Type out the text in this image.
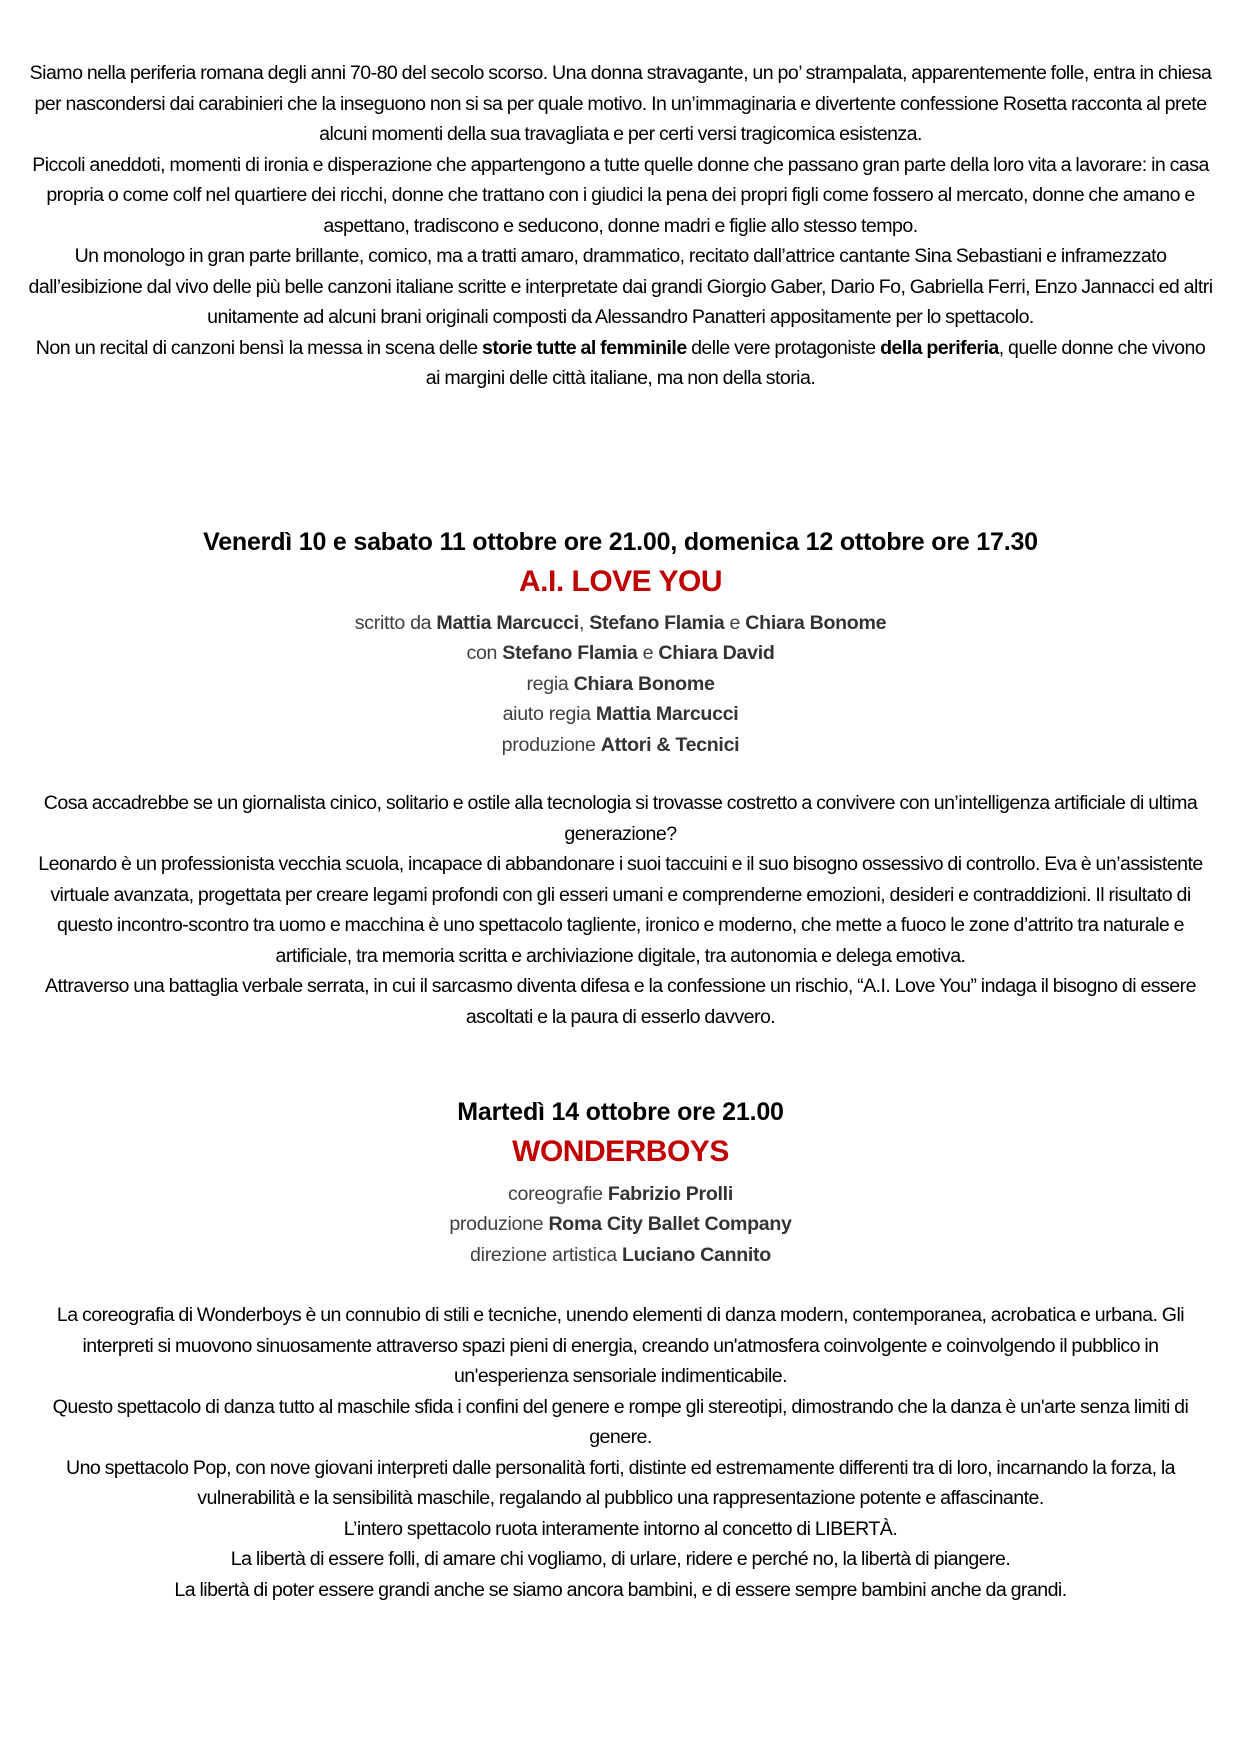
Siamo nella periferia romana degli anni 70-80 del secolo scorso. Una donna stravagante, un po’ strampalata, apparentemente folle, entra in chiesa per nascondersi dai carabinieri che la inseguono non si sa per quale motivo. In un’immaginaria e divertente confessione Rosetta racconta al prete alcuni momenti della sua travagliata e per certi versi tragicomica esistenza.

Piccoli aneddoti, momenti di ironia e disperazione che appartengono a tutte quelle donne che passano gran parte della loro vita a lavorare: in casa propria o come colf nel quartiere dei ricchi, donne che trattano con i giudici la pena dei propri figli come fossero al mercato, donne che amano e aspettano, tradiscono e seducono, donne madri e figlie allo stesso tempo.

Un monologo in gran parte brillante, comico, ma a tratti amaro, drammatico, recitato dall’attrice cantante Sina Sebastiani e inframezzato dall’esibizione dal vivo delle più belle canzoni italiane scritte e interpretate dai grandi Giorgio Gaber, Dario Fo, Gabriella Ferri, Enzo Jannacci ed altri unitamente ad alcuni brani originali composti da Alessandro Panatteri appositamente per lo spettacolo.

Non un recital di canzoni bensì la messa in scena delle storie tutte al femminile delle vere protagoniste della periferia, quelle donne che vivono ai margini delle città italiane, ma non della storia.

Venerdì 10 e sabato 11 ottobre ore 21.00, domenica 12 ottobre ore 17.30
A.I. LOVE YOU
scritto da Mattia Marcucci, Stefano Flamia e Chiara Bonome
con Stefano Flamia e Chiara David
regia Chiara Bonome
aiuto regia Mattia Marcucci
produzione Attori & Tecnici

Cosa accadrebbe se un giornalista cinico, solitario e ostile alla tecnologia si trovasse costretto a convivere con un’intelligenza artificiale di ultima generazione?

Leonardo è un professionista vecchia scuola, incapace di abbandonare i suoi taccuini e il suo bisogno ossessivo di controllo. Eva è un’assistente virtuale avanzata, progettata per creare legami profondi con gli esseri umani e comprenderne emozioni, desideri e contraddizioni. Il risultato di questo incontro-scontro tra uomo e macchina è uno spettacolo tagliente, ironico e moderno, che mette a fuoco le zone d’attrito tra naturale e artificiale, tra memoria scritta e archiviazione digitale, tra autonomia e delega emotiva.

Attraverso una battaglia verbale serrata, in cui il sarcasmo diventa difesa e la confessione un rischio, “A.I. Love You” indaga il bisogno di essere ascoltati e la paura di esserlo davvero.

Martedì 14 ottobre ore 21.00
WONDERBOYS
coreografie Fabrizio Prolli
produzione Roma City Ballet Company
direzione artistica Luciano Cannito

La coreografia di Wonderboys è un connubio di stili e tecniche, unendo elementi di danza modern, contemporanea, acrobatica e urbana. Gli interpreti si muovono sinuosamente attraverso spazi pieni di energia, creando un'atmosfera coinvolgente e coinvolgendo il pubblico in un'esperienza sensoriale indimenticabile.

Questo spettacolo di danza tutto al maschile sfida i confini del genere e rompe gli stereotipi, dimostrando che la danza è un'arte senza limiti di genere.

Uno spettacolo Pop, con nove giovani interpreti dalle personalità forti, distinte ed estremamente differenti tra di loro, incarnando la forza, la vulnerabilità e la sensibilità maschile, regalando al pubblico una rappresentazione potente e affascinante.

L’intero spettacolo ruota interamente intorno al concetto di LIBERTÀ.

La libertà di essere folli, di amare chi vogliamo, di urlare, ridere e perché no, la libertà di piangere.

La libertà di poter essere grandi anche se siamo ancora bambini, e di essere sempre bambini anche da grandi.
